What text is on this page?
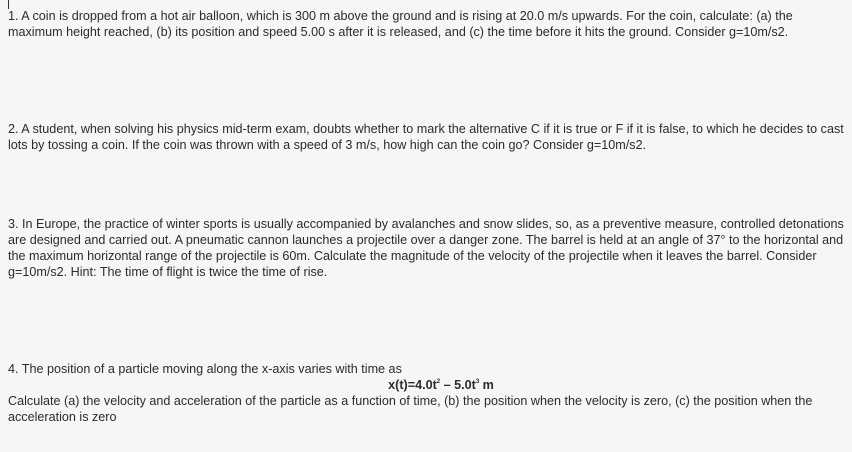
1. A coin is dropped from a hot air balloon, which is 300 m above the ground and is rising at 20.0 m/s upwards. For the coin, calculate: (a) the maximum height reached, (b) its position and speed 5.00 s after it is released, and (c) the time before it hits the ground. Consider g=10m/s2.

2. A student, when solving his physics mid-term exam, doubts whether to mark the alternative C if it is true or F if it is false, to which he decides to cast lots by tossing a coin. If the coin was thrown with a speed of 3 m/s, how high can the coin go? Consider g=10m/s2.

3. In Europe, the practice of winter sports is usually accompanied by avalanches and snow slides, so, as a preventive measure, controlled detonations are designed and carried out. A pneumatic cannon launches a projectile over a danger zone. The barrel is held at an angle of 37° to the horizontal and the maximum horizontal range of the projectile is 60m. Calculate the magnitude of the velocity of the projectile when it leaves the barrel. Consider g=10m/s2. Hint: The time of flight is twice the time of rise.

4. The position of a particle moving along the x-axis varies with time as

$x(t)=4.0t^2 - 5.0t^3$ m

Calculate (a) the velocity and acceleration of the particle as a function of time, (b) the position when the velocity is zero, (c) the position when the acceleration is zero
